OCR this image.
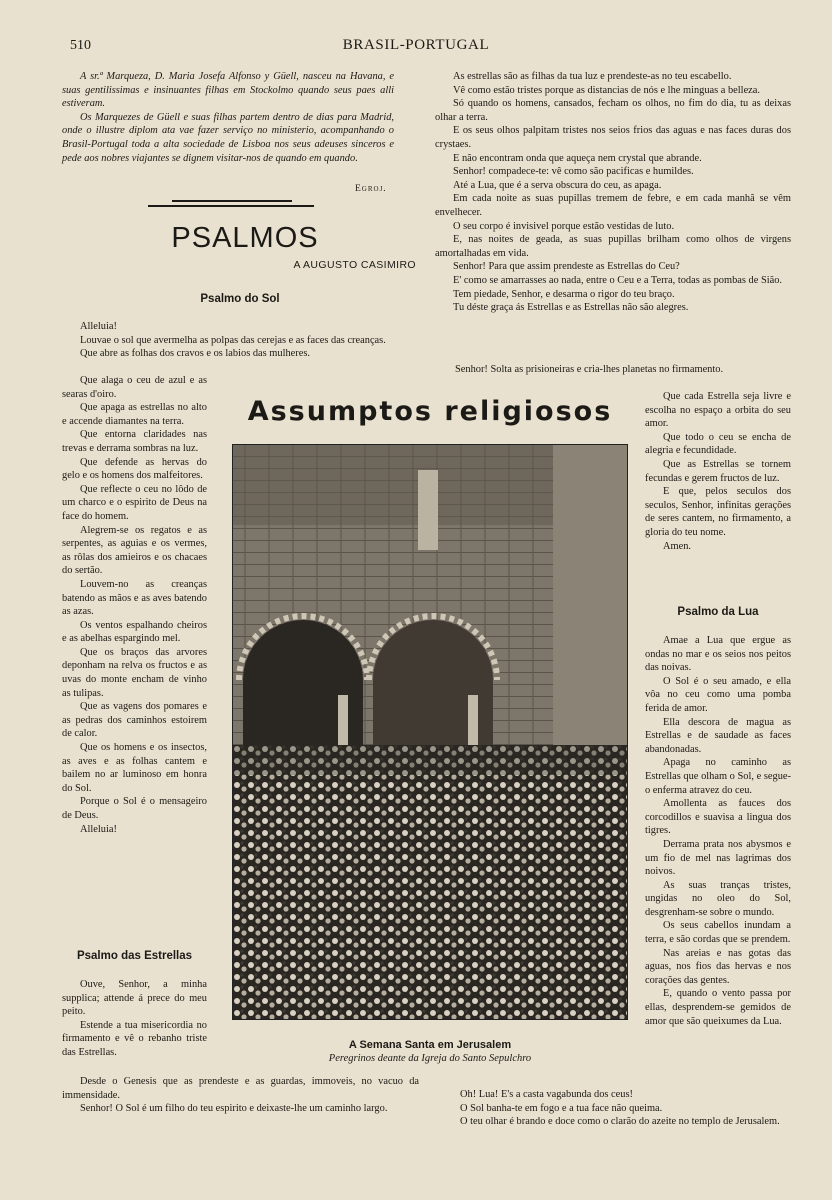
510	BRASIL-PORTUGAL

A sr.ª Marqueza, D. Maria Josefa Alfonso y Güell, nasceu na Havana, e suas gentilissimas e insinuantes filhas em Stockolmo quando seus paes alli estiveram.

Os Marquezes de Güell e suas filhas partem dentro de dias para Madrid, onde o illustre diplom ata vae fazer serviço no ministerio, acompanhando o Brasil-Portugal toda a alta sociedade de Lisboa nos seus adeuses sinceros e pede aos nobres viajantes se dignem visitar-nos de quando em quando.

Egroj.
PSALMOS
A AUGUSTO CASIMIRO
Psalmo do Sol

Alleluia!

Louvae o sol que avermelha as polpas das cerejas e as faces das creanças.

Que abre as folhas dos cravos e os labios das mulheres.

Que alaga o ceu de azul e as searas d'oiro.

Que apaga as estrellas no alto e accende diamantes na terra.

Que entorna claridades nas trevas e derrama sombras na luz.

Que defende as hervas do gelo e os homens dos malfeitores.

Que reflecte o ceu no lôdo de um charco e o espirito de Deus na face do homem.

Alegrem-se os regatos e as serpentes, as aguias e os vermes, as rôlas dos amieiros e os chacaes do sertão.

Louvem-no as creanças batendo as mãos e as aves batendo as azas.

Os ventos espalhando cheiros e as abelhas espargindo mel.

Que os braços das arvores deponham na relva os fructos e as uvas do monte encham de vinho as tulipas.

Que as vagens dos pomares e as pedras dos caminhos estoirem de calor.

Que os homens e os insectos, as aves e as folhas cantem e bailem no ar luminoso em honra do Sol.

Porque o Sol é o mensageiro de Deus.

Alleluia!

Psalmo das Estrellas

Ouve, Senhor, a minha supplica; attende á prece do meu peito.

Estende a tua misericordia no firmamento e vê o rebanho triste das Estrellas.

Desde o Genesis que as prendeste e as guardas, immoveis, no vacuo da immensidade.

Senhor! O Sol é um filho do teu espirito e deixaste-lhe um caminho largo.

As estrellas são as filhas da tua luz e prendeste-as no teu escabello.

Vê como estão tristes porque as distancias de nós e lhe minguas a belleza.

Só quando os homens, cansados, fecham os olhos, no fim do dia, tu as deixas olhar a terra.

E os seus olhos palpitam tristes nos seios frios das aguas e nas faces duras dos crystaes.

E não encontram onda que aqueça nem crystal que abrande.

Senhor! compadece-te: vê como são pacificas e humildes.

Até a Lua, que é a serva obscura do ceu, as apaga.

Em cada noite as suas pupillas tremem de febre, e em cada manhã se vêm envelhecer.

O seu corpo é invisivel porque estão vestidas de luto.

E, nas noites de geada, as suas pupillas brilham como olhos de virgens amortalhadas em vida.

Senhor! Para que assim prendeste as Estrellas do Ceu?

E' como se amarrasses ao nada, entre o Ceu e a Terra, todas as pombas de Sião.

Tem piedade, Senhor, e desarma o rigor do teu braço.

Tu déste graça ás Estrellas e as Estrellas não são alegres.

Senhor! Solta as prisioneiras e cria-lhes planetas no firmamento.

Que cada Estrella seja livre e escolha no espaço a orbita do seu amor.

Que todo o ceu se encha de alegria e fecundidade.

Que as Estrellas se tornem fecundas e gerem fructos de luz.

E que, pelos seculos dos seculos, Senhor, infinitas gerações de seres cantem, no firmamento, a gloria do teu nome.

Amen.

Psalmo da Lua

Amae a Lua que ergue as ondas no mar e os seios nos peitos das noivas.

O Sol é o seu amado, e ella vôa no ceu como uma pomba ferida de amor.

Ella descora de magua as Estrellas e de saudade as faces abandonadas.

Apaga no caminho as Estrellas que olham o Sol, e segue-o enferma atravez do ceu.

Amollenta as fauces dos corcodillos e suavisa a lingua dos tigres.

Derrama prata nos abysmos e um fio de mel nas lagrimas dos noivos.

As suas tranças tristes, ungidas no oleo do Sol, desgrenham-se sobre o mundo.

Os seus cabellos inundam a terra, e são cordas que se prendem.

Nas areias e nas gotas das aguas, nos fios das hervas e nos corações das gentes.

E, quando o vento passa por ellas, desprendem-se gemidos de amor que são queixumes da Lua.

Oh! Lua! E's a casta vagabunda dos ceus!

O Sol banha-te em fogo e a tua face não queima.

O teu olhar é brando e doce como o clarão do azeite no templo de Jerusalem.

Assumptos religiosos
A Semana Santa em Jerusalem
Peregrinos deante da Igreja do Santo Sepulchro
